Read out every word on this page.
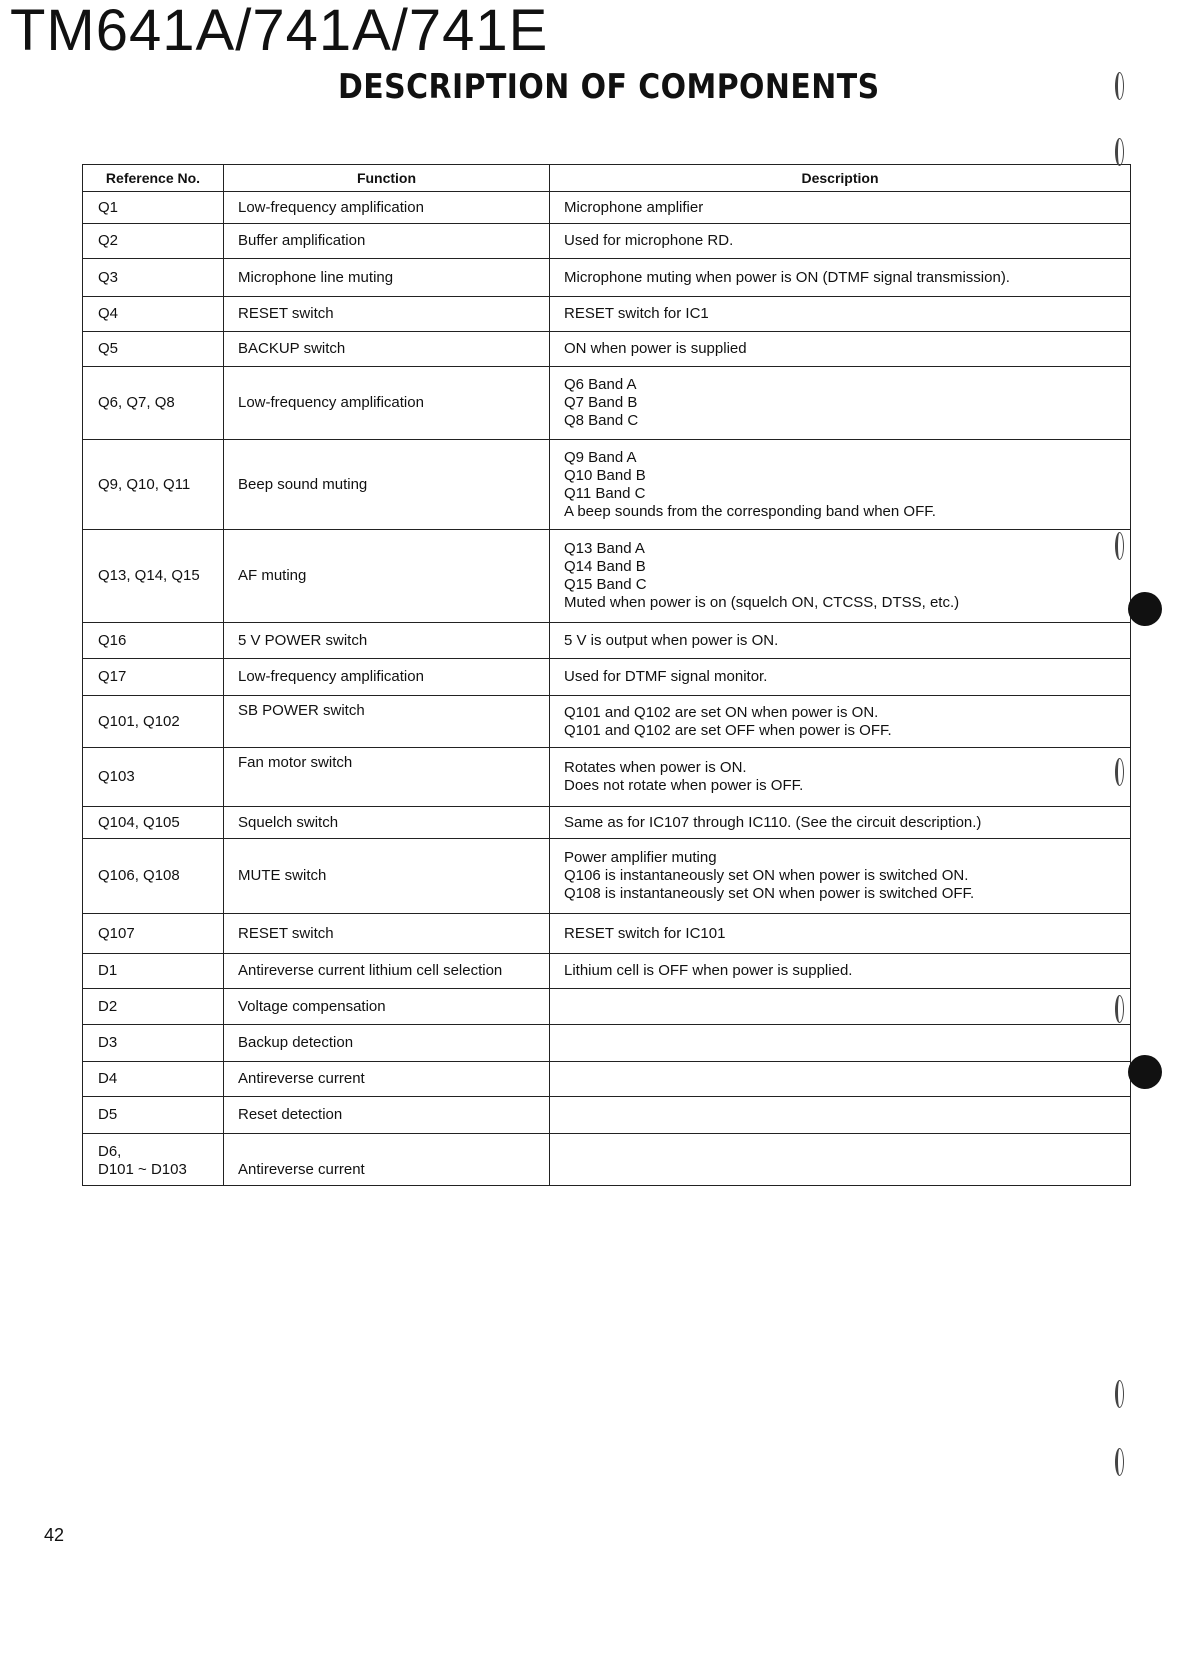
TM641A/741A/741E
DESCRIPTION OF COMPONENTS
Reference No.	Function	Description
Q1	Low-frequency amplification	Microphone amplifier

Q2	Buffer amplification	Used for microphone RD.

Q3	Microphone line muting	Microphone muting when power is ON (DTMF signal transmission).

Q4	RESET switch	RESET switch for IC1

Q5	BACKUP switch	ON when power is supplied

Q6, Q7, Q8	Low-frequency amplification	Q6 Band A
Q7 Band B
Q8 Band C

Q9, Q10, Q11	Beep sound muting	Q9 Band A
Q10 Band B
Q11 Band C
A beep sounds from the corresponding band when OFF.

Q13, Q14, Q15	AF muting	Q13 Band A
Q14 Band B
Q15 Band C
Muted when power is on (squelch ON, CTCSS, DTSS, etc.)

Q16	5 V POWER switch	5 V is output when power is ON.

Q17	Low-frequency amplification	Used for DTMF signal monitor.

Q101, Q102	SB POWER switch	Q101 and Q102 are set ON when power is ON.
Q101 and Q102 are set OFF when power is OFF.

Q103	Fan motor switch	Rotates when power is ON.
Does not rotate when power is OFF.

Q104, Q105	Squelch switch	Same as for IC107 through IC110. (See the circuit description.)

Q106, Q108	MUTE switch	Power amplifier muting
Q106 is instantaneously set ON when power is switched ON.
Q108 is instantaneously set ON when power is switched OFF.

Q107	RESET switch	RESET switch for IC101

D1	Antireverse current lithium cell selection	Lithium cell is OFF when power is supplied.

D2	Voltage compensation	
D3	Backup detection	
D4	Antireverse current	
D5	Reset detection	
D6,
D101 ~ D103	Antireverse current	
42
